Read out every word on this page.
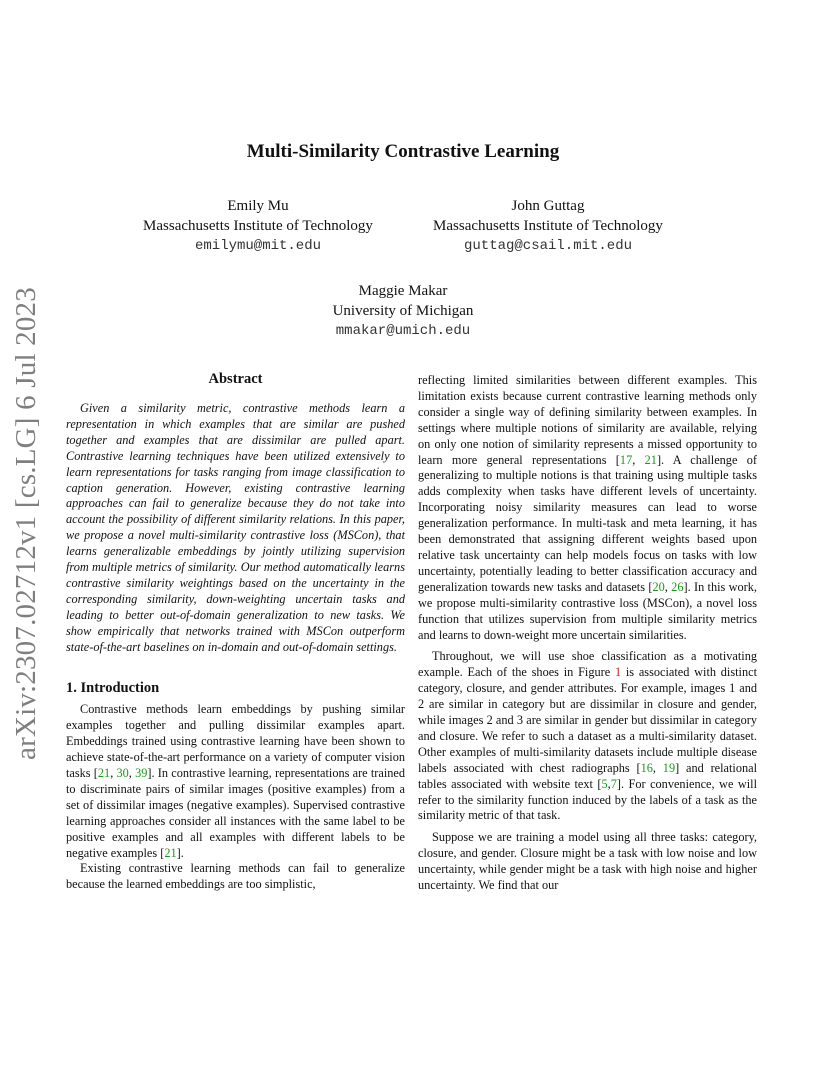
arXiv:2307.02712v1 [cs.LG] 6 Jul 2023
Multi-Similarity Contrastive Learning
Emily Mu
Massachusetts Institute of Technology
emilymu@mit.edu
John Guttag
Massachusetts Institute of Technology
guttag@csail.mit.edu
Maggie Makar
University of Michigan
mmakar@umich.edu
Abstract

Given a similarity metric, contrastive methods learn a representation in which examples that are similar are pushed together and examples that are dissimilar are pulled apart. Contrastive learning techniques have been utilized extensively to learn representations for tasks ranging from image classification to caption generation. However, existing contrastive learning approaches can fail to generalize because they do not take into account the possibility of different similarity relations. In this paper, we propose a novel multi-similarity contrastive loss (MSCon), that learns generalizable embeddings by jointly utilizing supervision from multiple metrics of similarity. Our method automatically learns contrastive similarity weightings based on the uncertainty in the corresponding similarity, down-weighting uncertain tasks and leading to better out-of-domain generalization to new tasks. We show empirically that networks trained with MSCon outperform state-of-the-art baselines on in-domain and out-of-domain settings.

1. Introduction

Contrastive methods learn embeddings by pushing similar examples together and pulling dissimilar examples apart. Embeddings trained using contrastive learning have been shown to achieve state-of-the-art performance on a variety of computer vision tasks [21, 30, 39]. In contrastive learning, representations are trained to discriminate pairs of similar images (positive examples) from a set of dissimilar images (negative examples). Supervised contrastive learning approaches consider all instances with the same label to be positive examples and all examples with different labels to be negative examples [21].

Existing contrastive learning methods can fail to generalize because the learned embeddings are too simplistic,

reflecting limited similarities between different examples. This limitation exists because current contrastive learning methods only consider a single way of defining similarity between examples. In settings where multiple notions of similarity are available, relying on only one notion of similarity represents a missed opportunity to learn more general representations [17, 21]. A challenge of generalizing to multiple notions is that training using multiple tasks adds complexity when tasks have different levels of uncertainty. Incorporating noisy similarity measures can lead to worse generalization performance. In multi-task and meta learning, it has been demonstrated that assigning different weights based upon relative task uncertainty can help models focus on tasks with low uncertainty, potentially leading to better classification accuracy and generalization towards new tasks and datasets [20, 26]. In this work, we propose multi-similarity contrastive loss (MSCon), a novel loss function that utilizes supervision from multiple similarity metrics and learns to down-weight more uncertain similarities.

Throughout, we will use shoe classification as a motivating example. Each of the shoes in Figure 1 is associated with distinct category, closure, and gender attributes. For example, images 1 and 2 are similar in category but are dissimilar in closure and gender, while images 2 and 3 are similar in gender but dissimilar in category and closure. We refer to such a dataset as a multi-similarity dataset. Other examples of multi-similarity datasets include multiple disease labels associated with chest radiographs [16, 19] and relational tables associated with website text [5,7]. For convenience, we will refer to the similarity function induced by the labels of a task as the similarity metric of that task.

Suppose we are training a model using all three tasks: category, closure, and gender. Closure might be a task with low noise and low uncertainty, while gender might be a task with high noise and higher uncertainty. We find that our
